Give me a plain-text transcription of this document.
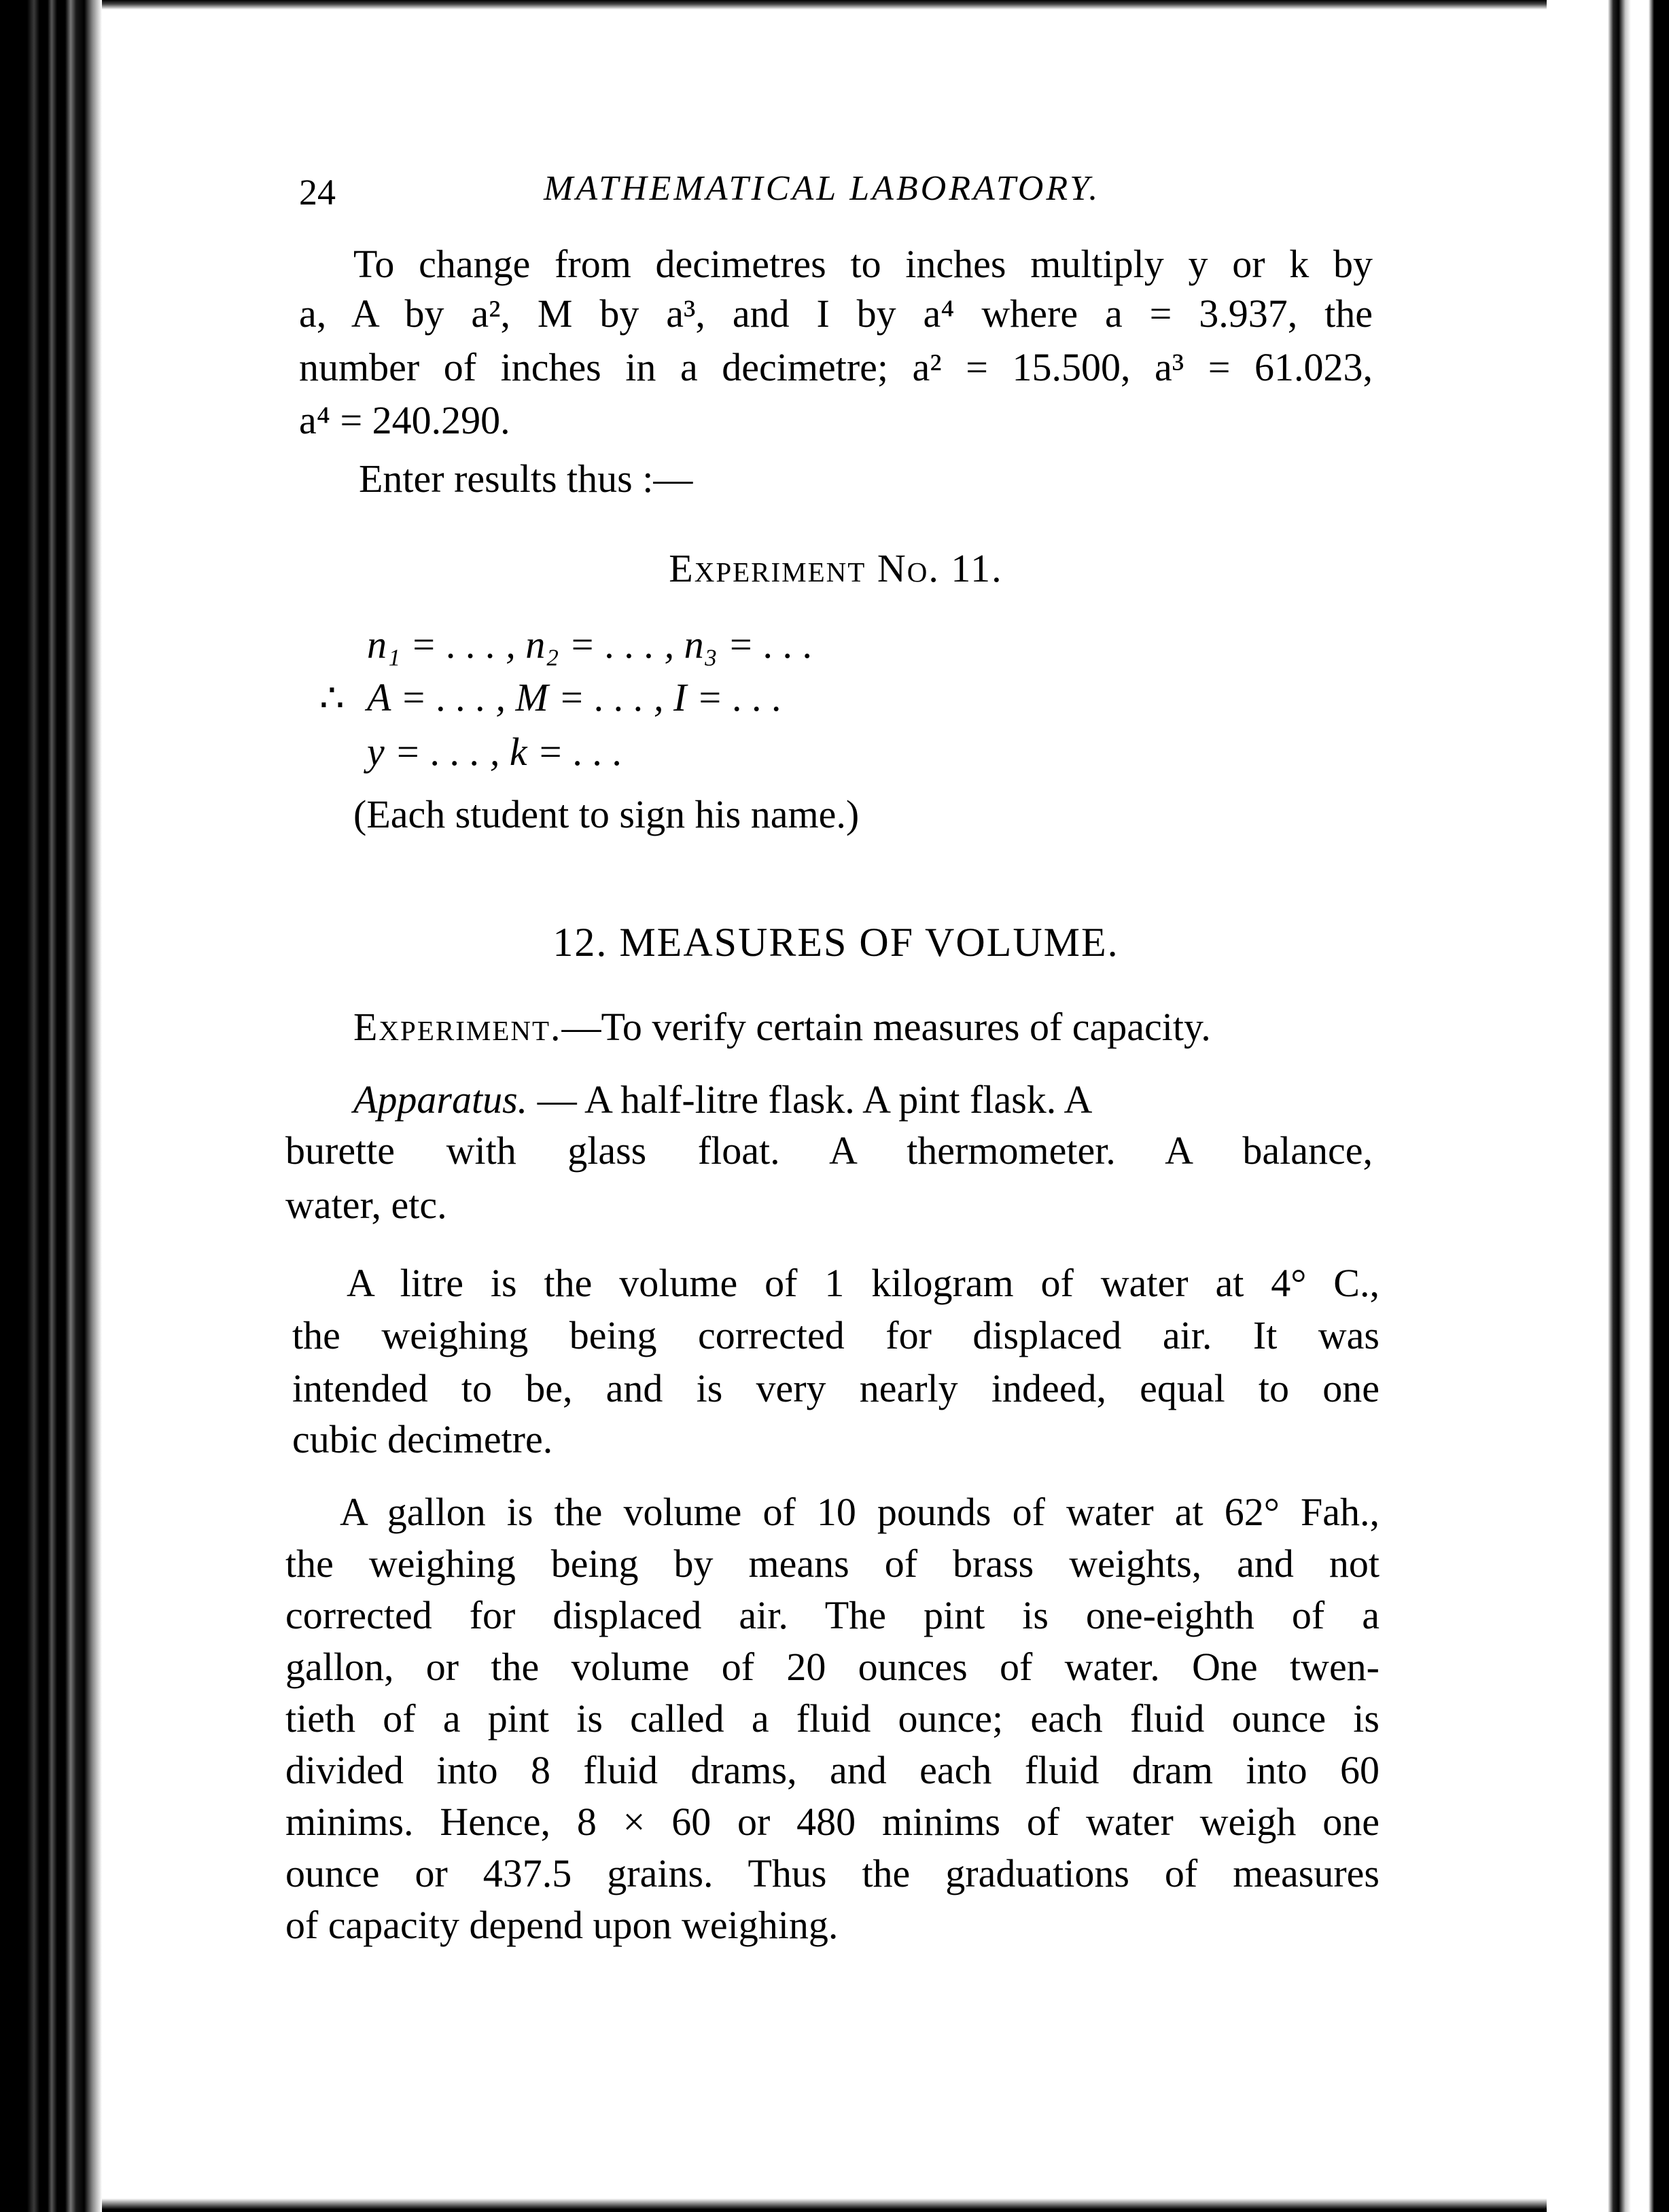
24	MATHEMATICAL LABORATORY.
To change from decimetres to inches multiply y or k by
a, A by a², M by a³, and I by a⁴ where a = 3.937, the
number of inches in a decimetre; a² = 15.500, a³ = 61.023,
a⁴ = 240.290.
Enter results thus :—
Experiment No. 11.
n₁ = . . . , n₂ = . . . , n₃ = . . .
∴ A = . . . , M = . . . , I = . . .
y = . . . , k = . . .
(Each student to sign his name.)
12. MEASURES OF VOLUME.
Experiment.—To verify certain measures of capacity.
Apparatus. — A half-litre flask. A pint flask. A
burette with glass float. A thermometer. A balance,
water, etc.
A litre is the volume of 1 kilogram of water at 4° C.,
the weighing being corrected for displaced air. It was
intended to be, and is very nearly indeed, equal to one
cubic decimetre.
A gallon is the volume of 10 pounds of water at 62° Fah.,
the weighing being by means of brass weights, and not
corrected for displaced air. The pint is one-eighth of a
gallon, or the volume of 20 ounces of water. One twen-
tieth of a pint is called a fluid ounce; each fluid ounce is
divided into 8 fluid drams, and each fluid dram into 60
minims. Hence, 8 × 60 or 480 minims of water weigh one
ounce or 437.5 grains. Thus the graduations of measures
of capacity depend upon weighing.
